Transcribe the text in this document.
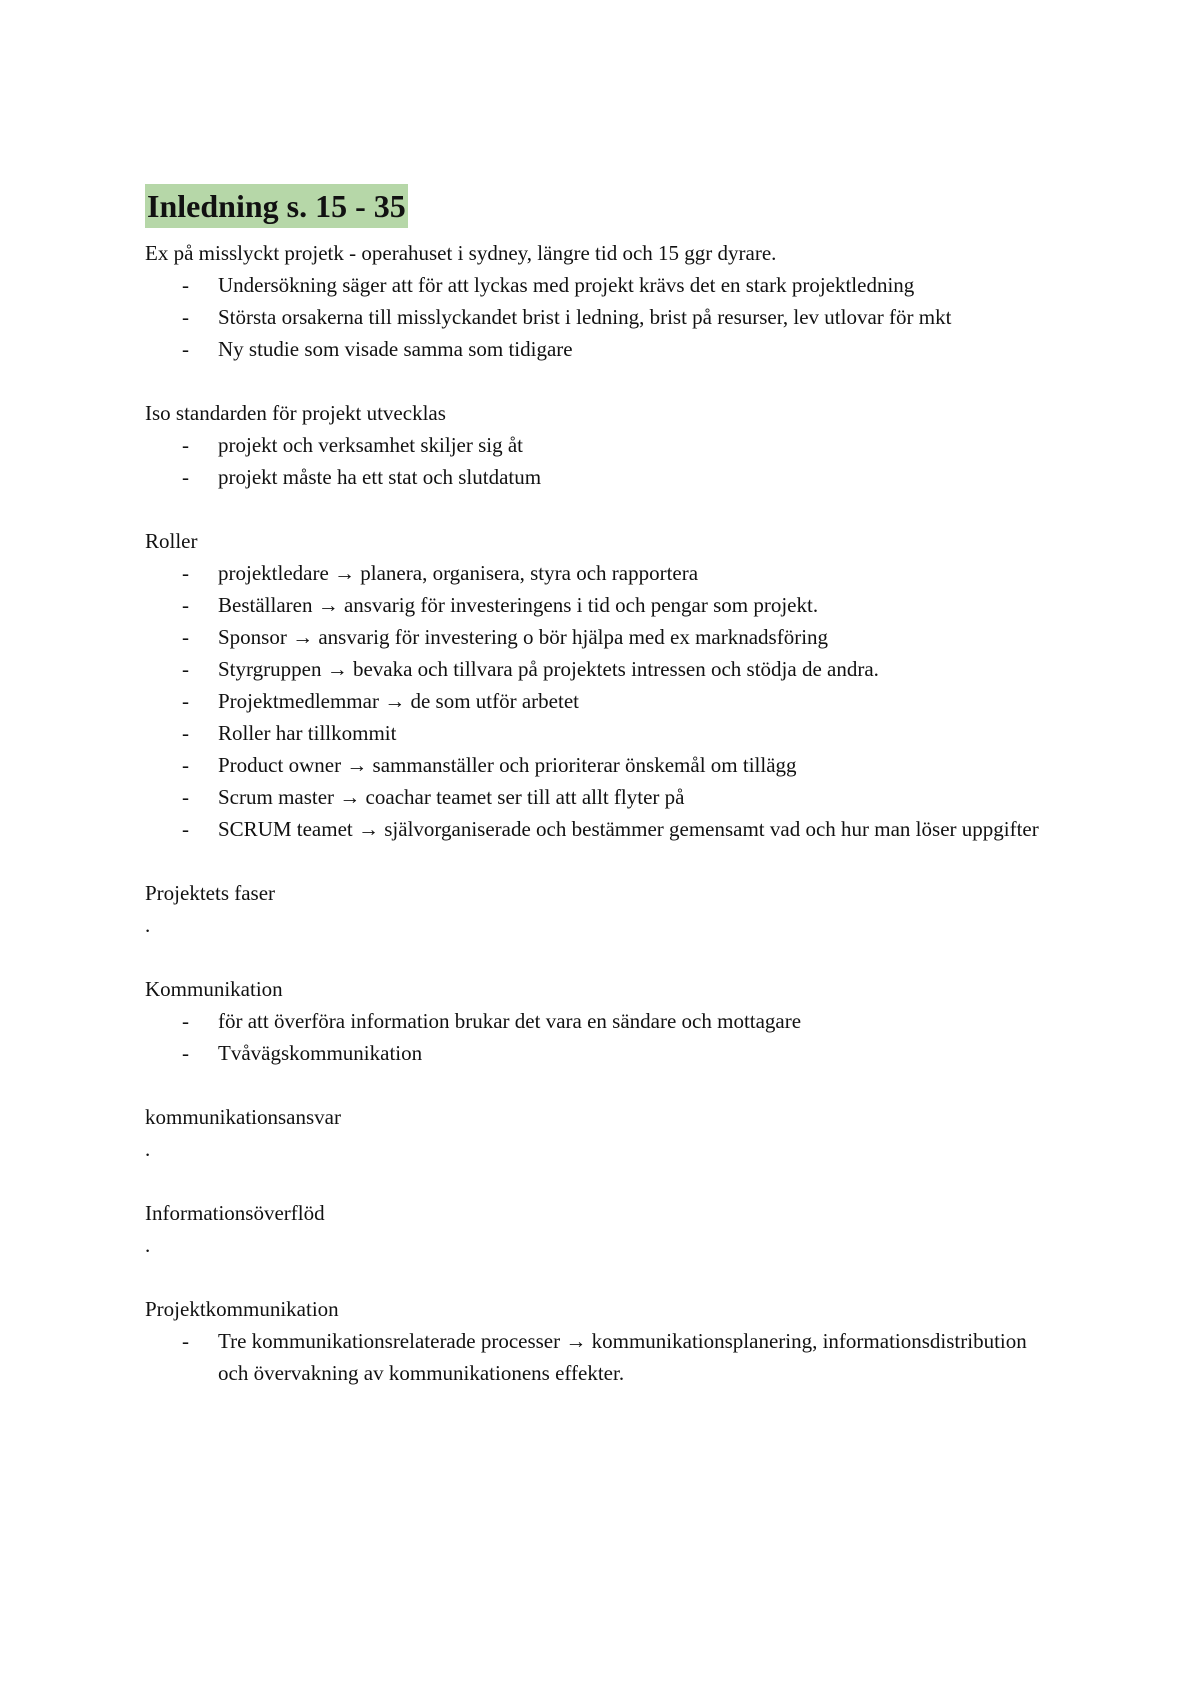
Inledning s. 15 - 35
Ex på misslyckt projetk - operahuset i sydney, längre tid och 15 ggr dyrare.
- Undersökning säger att för att lyckas med projekt krävs det en stark projektledning
- Största orsakerna till misslyckandet brist i ledning, brist på resurser, lev utlovar för mkt
- Ny studie som visade samma som tidigare
Iso standarden för projekt utvecklas
- projekt och verksamhet skiljer sig åt
- projekt måste ha ett stat och slutdatum
Roller
- projektledare → planera, organisera, styra och rapportera
- Beställaren → ansvarig för investeringens i tid och pengar som projekt.
- Sponsor → ansvarig för investering o bör hjälpa med ex marknadsföring
- Styrgruppen → bevaka och tillvara på projektets intressen och stödja de andra.
- Projektmedlemmar → de som utför arbetet
- Roller har tillkommit
- Product owner → sammanställer och prioriterar önskemål om tillägg
- Scrum master → coachar teamet ser till att allt flyter på
- SCRUM teamet → självorganiserade och bestämmer gemensamt vad och hur man löser uppgifter
Projektets faser
.
Kommunikation
- för att överföra information brukar det vara en sändare och mottagare
- Tvåvägskommunikation
kommunikationsansvar
.
Informationsöverflöd
.
Projektkommunikation
- Tre kommunikationsrelaterade processer → kommunikationsplanering, informationsdistribution och övervakning av kommunikationens effekter.
